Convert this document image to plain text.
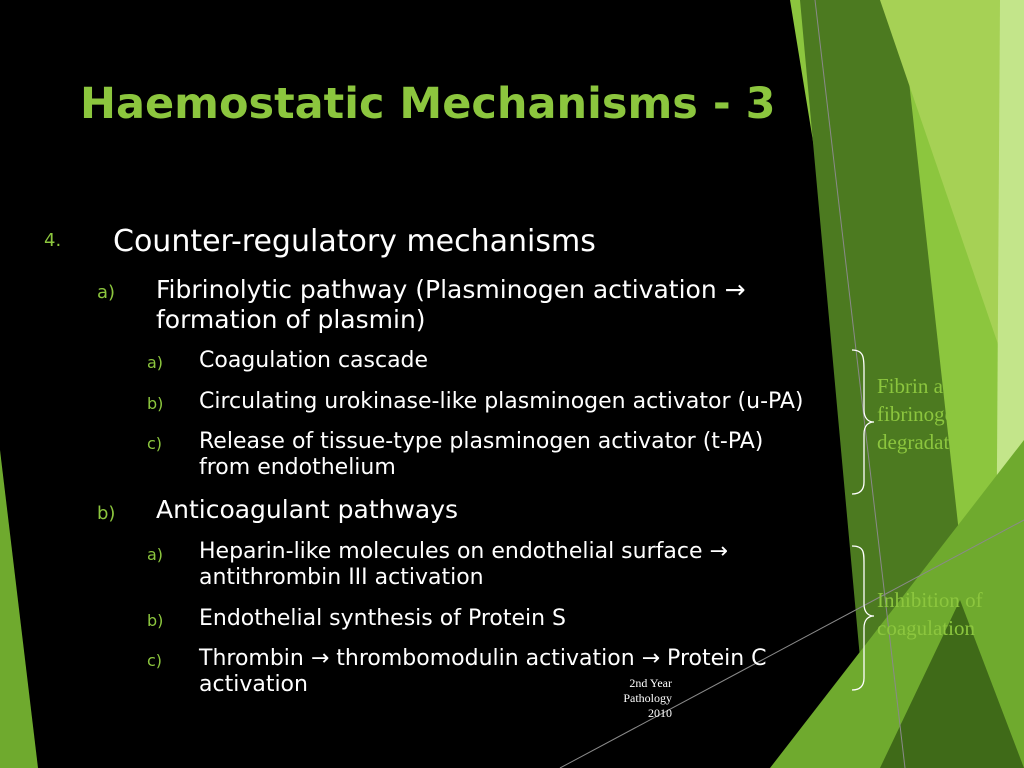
Haemostatic Mechanisms - 3
4. Counter-regulatory mechanisms
a) Fibrinolytic pathway (Plasminogen activation →
formation of plasmin)
a) Coagulation cascade
b) Circulating urokinase-like plasminogen activator (u-PA)
c) Release of tissue-type plasminogen activator (t-PA)
from endothelium
b) Anticoagulant pathways
a) Heparin-like molecules on endothelial surface →
antithrombin III activation
b) Endothelial synthesis of Protein S
c) Thrombin → thrombomodulin activation → Protein C
activation
Fibrin and
fibrinogen
degradation
Inhibition of
coagulation
2nd Year
Pathology
2010
